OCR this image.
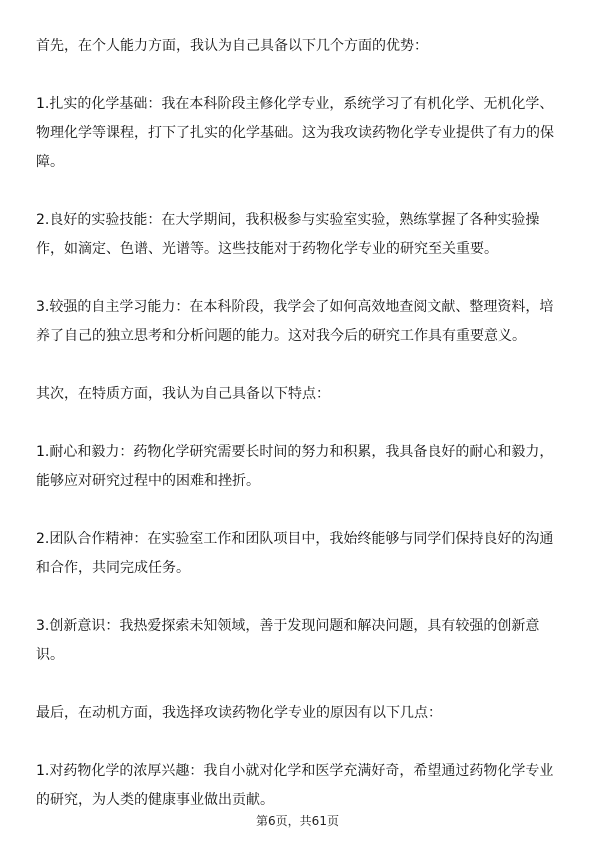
首先，在个人能力方面，我认为自己具备以下几个方面的优势：

1.扎实的化学基础：我在本科阶段主修化学专业，系统学习了有机化学、无机化学、物理化学等课程，打下了扎实的化学基础。这为我攻读药物化学专业提供了有力的保障。

2.良好的实验技能：在大学期间，我积极参与实验室实验，熟练掌握了各种实验操作，如滴定、色谱、光谱等。这些技能对于药物化学专业的研究至关重要。

3.较强的自主学习能力：在本科阶段，我学会了如何高效地查阅文献、整理资料，培养了自己的独立思考和分析问题的能力。这对我今后的研究工作具有重要意义。

其次，在特质方面，我认为自己具备以下特点：

1.耐心和毅力：药物化学研究需要长时间的努力和积累，我具备良好的耐心和毅力，能够应对研究过程中的困难和挫折。

2.团队合作精神：在实验室工作和团队项目中，我始终能够与同学们保持良好的沟通和合作，共同完成任务。

3.创新意识：我热爱探索未知领域，善于发现问题和解决问题，具有较强的创新意识。

最后，在动机方面，我选择攻读药物化学专业的原因有以下几点：

1.对药物化学的浓厚兴趣：我自小就对化学和医学充满好奇，希望通过药物化学专业的研究，为人类的健康事业做出贡献。

第6页，共61页
